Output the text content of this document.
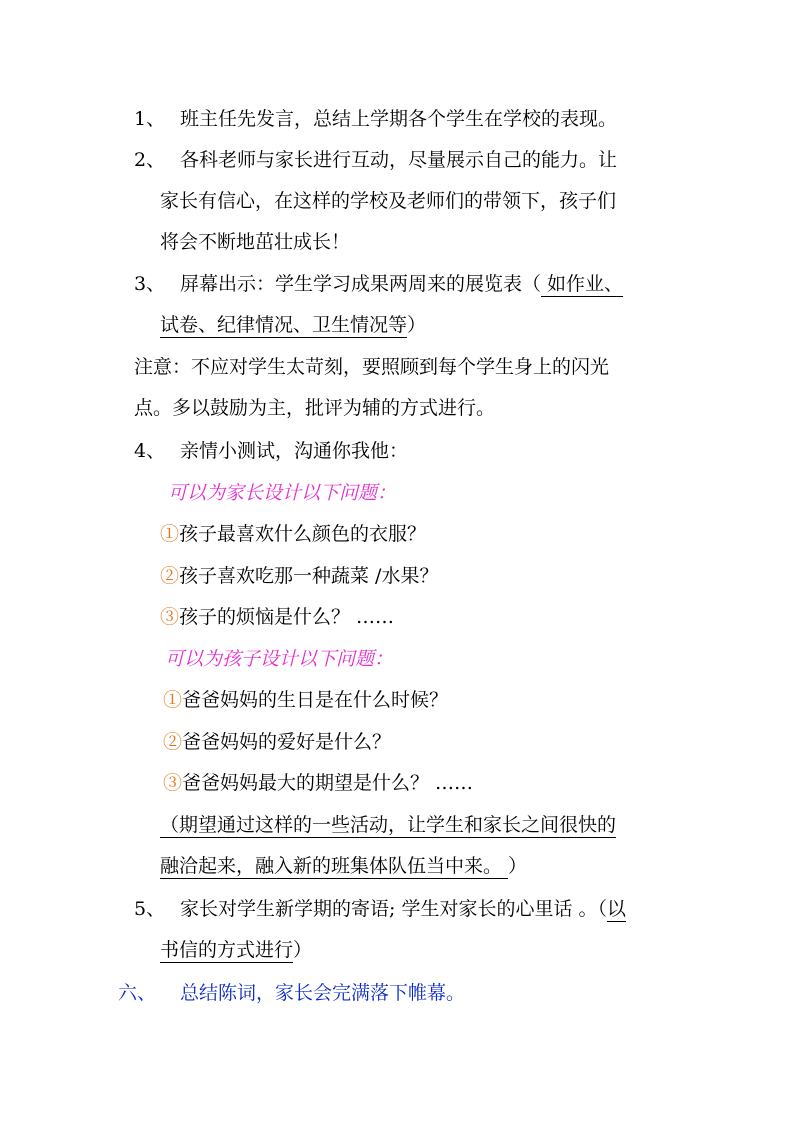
1、 班主任先发言，总结上学期各个学生在学校的表现。
2、 各科老师与家长进行互动，尽量展示自己的能力。让
家长有信心，在这样的学校及老师们的带领下，孩子们
将会不断地茁壮成长！
3、 屏幕出示：学生学习成果两周来的展览表（ 如作业、
试卷、纪律情况、卫生情况等）
注意：不应对学生太苛刻，要照顾到每个学生身上的闪光
点。多以鼓励为主，批评为辅的方式进行。
4、 亲情小测试，沟通你我他：
可以为家长设计以下问题：
①孩子最喜欢什么颜色的衣服？
②孩子喜欢吃那一种蔬菜 /水果？
③孩子的烦恼是什么？ ……
可以为孩子设计以下问题：
①爸爸妈妈的生日是在什么时候？
②爸爸妈妈的爱好是什么？
③爸爸妈妈最大的期望是什么？ ……
（期望通过这样的一些活动，让学生和家长之间很快的
融洽起来，融入新的班集体队伍当中来。 ）
5、 家长对学生新学期的寄语; 学生对家长的心里话 。（以
书信的方式进行）
六、 总结陈词，家长会完满落下帷幕。
